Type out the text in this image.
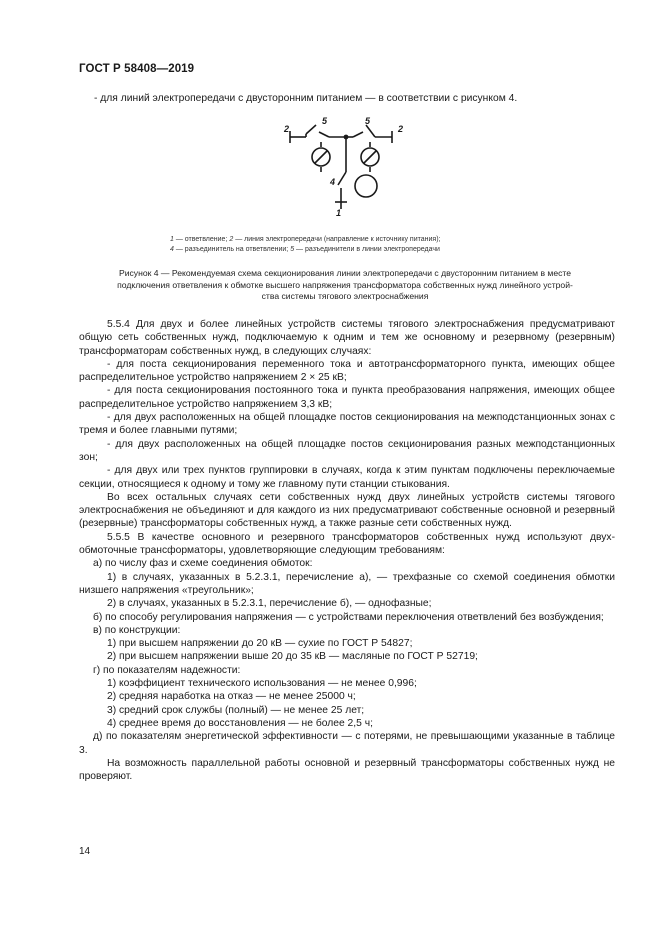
ГОСТ Р 58408—2019
- для линий электропередачи с двусторонним питанием — в соответствии с рисунком 4.
2
5	5
2
4
1
1 — ответвление; 2 — линия электропередачи (направление к источнику питания);
4 — разъединитель на ответвлении; 5 — разъединители в линии электропередачи
Рисунок 4 — Рекомендуемая схема секционирования линии электропередачи с двусторонним питанием в месте
подключения ответвления к обмотке высшего напряжения трансформатора собственных нужд линейного устрой-
ства системы тягового электроснабжения

5.5.4 Для двух и более линейных устройств системы тягового электроснабжения предусматривают общую сеть собственных нужд, подключаемую к одним и тем же основному и резервному (резервным) трансформаторам собственных нужд, в следующих случаях:

- для поста секционирования переменного тока и автотрансформаторного пункта, имеющих общее распределительное устройство напряжением 2 × 25 кВ;

- для поста секционирования постоянного тока и пункта преобразования напряжения, имеющих общее распределительное устройство напряжением 3,3 кВ;

- для двух расположенных на общей площадке постов секционирования на межподстанционных зонах с тремя и более главными путями;

- для двух расположенных на общей площадке постов секционирования разных межподстанционных зон;

- для двух или трех пунктов группировки в случаях, когда к этим пунктам подключены переключаемые секции, относящиеся к одному и тому же главному пути станции стыкования.

Во всех остальных случаях сети собственных нужд двух линейных устройств системы тягового электроснабжения не объединяют и для каждого из них предусматривают собственные основной и резервный (резервные) трансформаторы собственных нужд, а также разные сети собственных нужд.

5.5.5 В качестве основного и резервного трансформаторов собственных нужд используют двухобмоточные трансформаторы, удовлетворяющие следующим требованиям:

а) по числу фаз и схеме соединения обмоток:

1) в случаях, указанных в 5.2.3.1, перечисление а), — трехфазные со схемой соединения обмотки низшего напряжения «треугольник»;

2) в случаях, указанных в 5.2.3.1, перечисление б), — однофазные;

б) по способу регулирования напряжения — с устройствами переключения ответвлений без возбуждения;

в) по конструкции:

1) при высшем напряжении до 20 кВ — сухие по ГОСТ Р 54827;

2) при высшем напряжении выше 20 до 35 кВ — масляные по ГОСТ Р 52719;

г) по показателям надежности:

1) коэффициент технического использования — не менее 0,996;

2) средняя наработка на отказ — не менее 25000 ч;

3) средний срок службы (полный) — не менее 25 лет;

4) среднее время до восстановления — не более 2,5 ч;

д) по показателям энергетической эффективности — с потерями, не превышающими указанные в таблице 3.

На возможность параллельной работы основной и резервный трансформаторы собственных нужд не проверяют.

14
